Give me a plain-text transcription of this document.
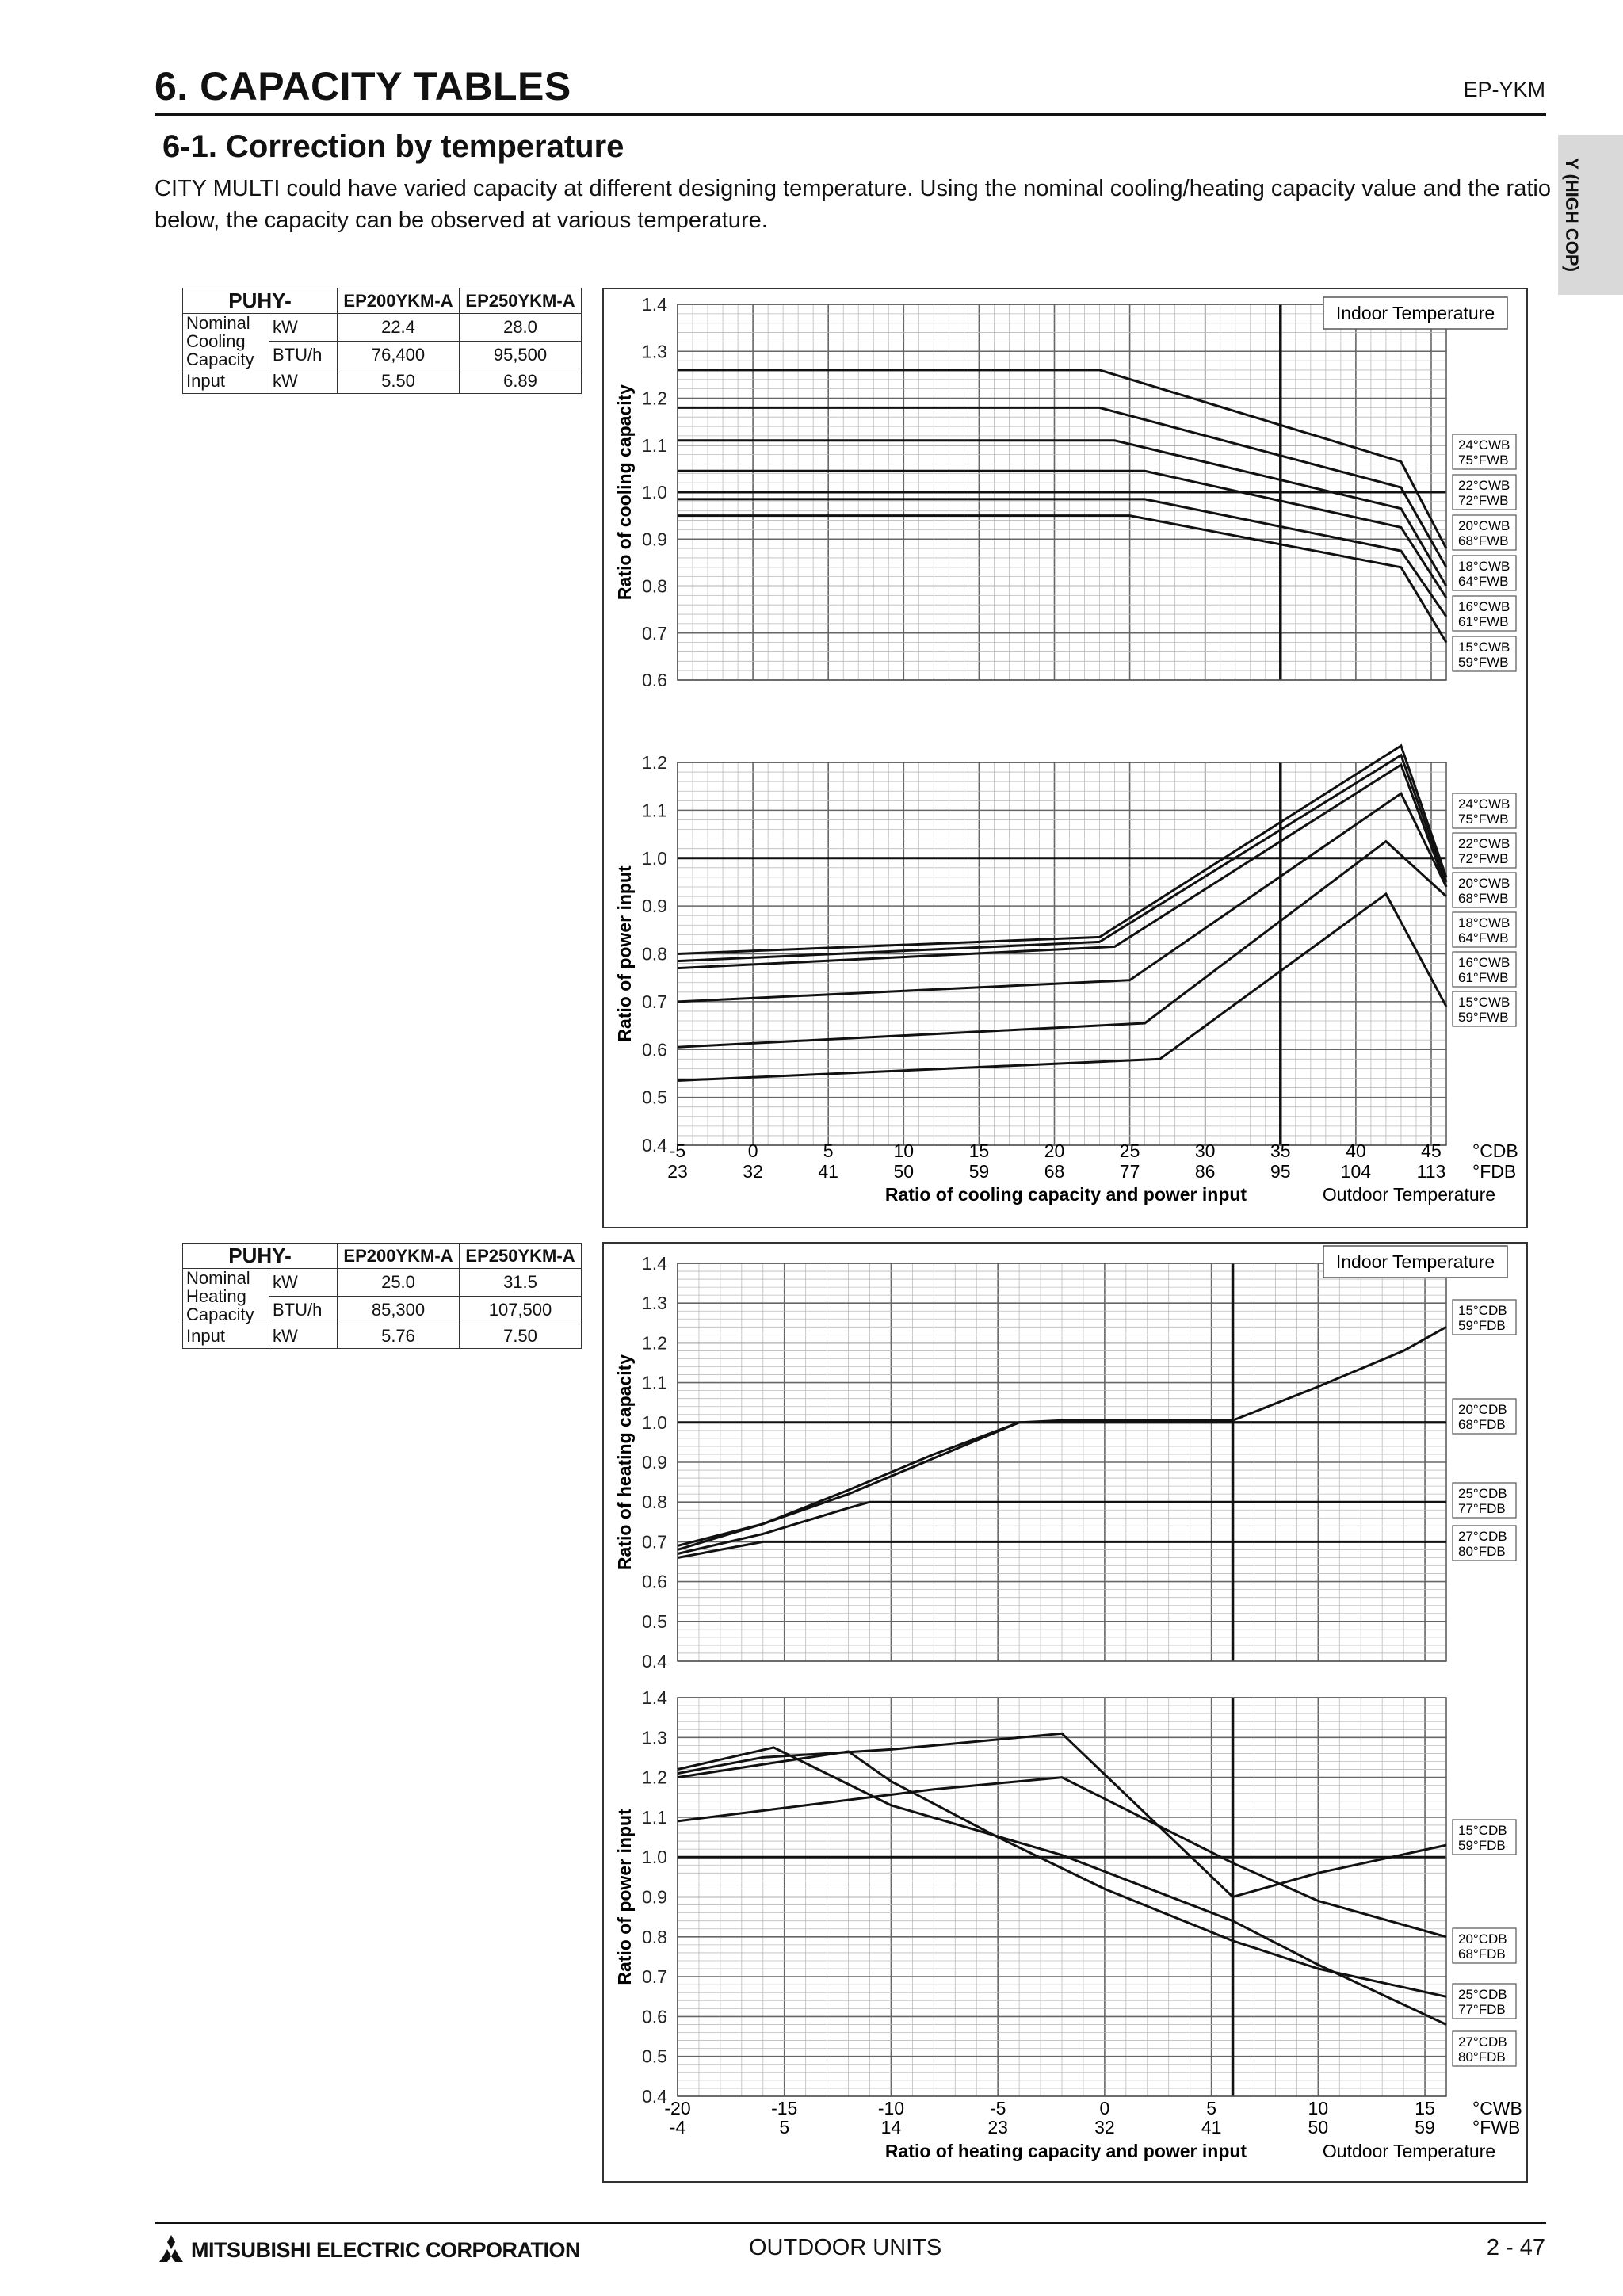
6. CAPACITY TABLES	EP-YKM
Y (HIGH COP)
6-1. Correction by temperature
CITY MULTI could have varied capacity at different designing temperature. Using the nominal cooling/heating capacity value and the ratio below, the capacity can be observed at various temperature.
PUHY-		EP200YKM-A	EP250YKM-A
Nominal Cooling Capacity	kW	22.4	28.0
	BTU/h	76,400	95,500
Input	kW	5.50	6.89
PUHY-		EP200YKM-A	EP250YKM-A
Nominal Heating Capacity	kW	25.0	31.5
	BTU/h	85,300	107,500
Input	kW	5.76	7.50
1.4
1.3
1.2
1.1
1.0
0.9
0.8
0.7
0.6
Ratio of cooling capacity
Indoor Temperature
24°CWB
75°FWB
22°CWB
72°FWB
20°CWB
68°FWB
18°CWB
64°FWB
16°CWB
61°FWB
15°CWB
59°FWB
1.2
1.1
1.0
0.9
0.8
0.7
0.6
0.5
0.4
Ratio of power input
24°CWB
75°FWB
22°CWB
72°FWB
20°CWB
68°FWB
18°CWB
64°FWB
16°CWB
61°FWB
15°CWB
59°FWB
-5
23
0
32
5
41
10
50
15
59
20
68
25
77
30
86
35
95
40
104
45
113
°CDB
°FDB
Ratio of cooling capacity and power input	Outdoor Temperature
1.4
1.3
1.2
1.1
1.0
0.9
0.8
0.7
0.6
0.5
0.4
Ratio of heating capacity
Indoor Temperature
15°CDB
59°FDB
20°CDB
68°FDB
25°CDB
77°FDB
27°CDB
80°FDB
1.4
1.3
1.2
1.1
1.0
0.9
0.8
0.7
0.6
0.5
0.4
Ratio of power input	15°CDB
59°FDB
20°CDB
68°FDB
25°CDB
77°FDB
27°CDB
80°FDB
-20
-4
-15
5
-10
14
-5
23
0
32
5
41
10
50
15
59
°CWB
°FWB
Ratio of heating capacity and power input	Outdoor Temperature
MITSUBISHI ELECTRIC CORPORATION	OUTDOOR UNITS	2 - 47
